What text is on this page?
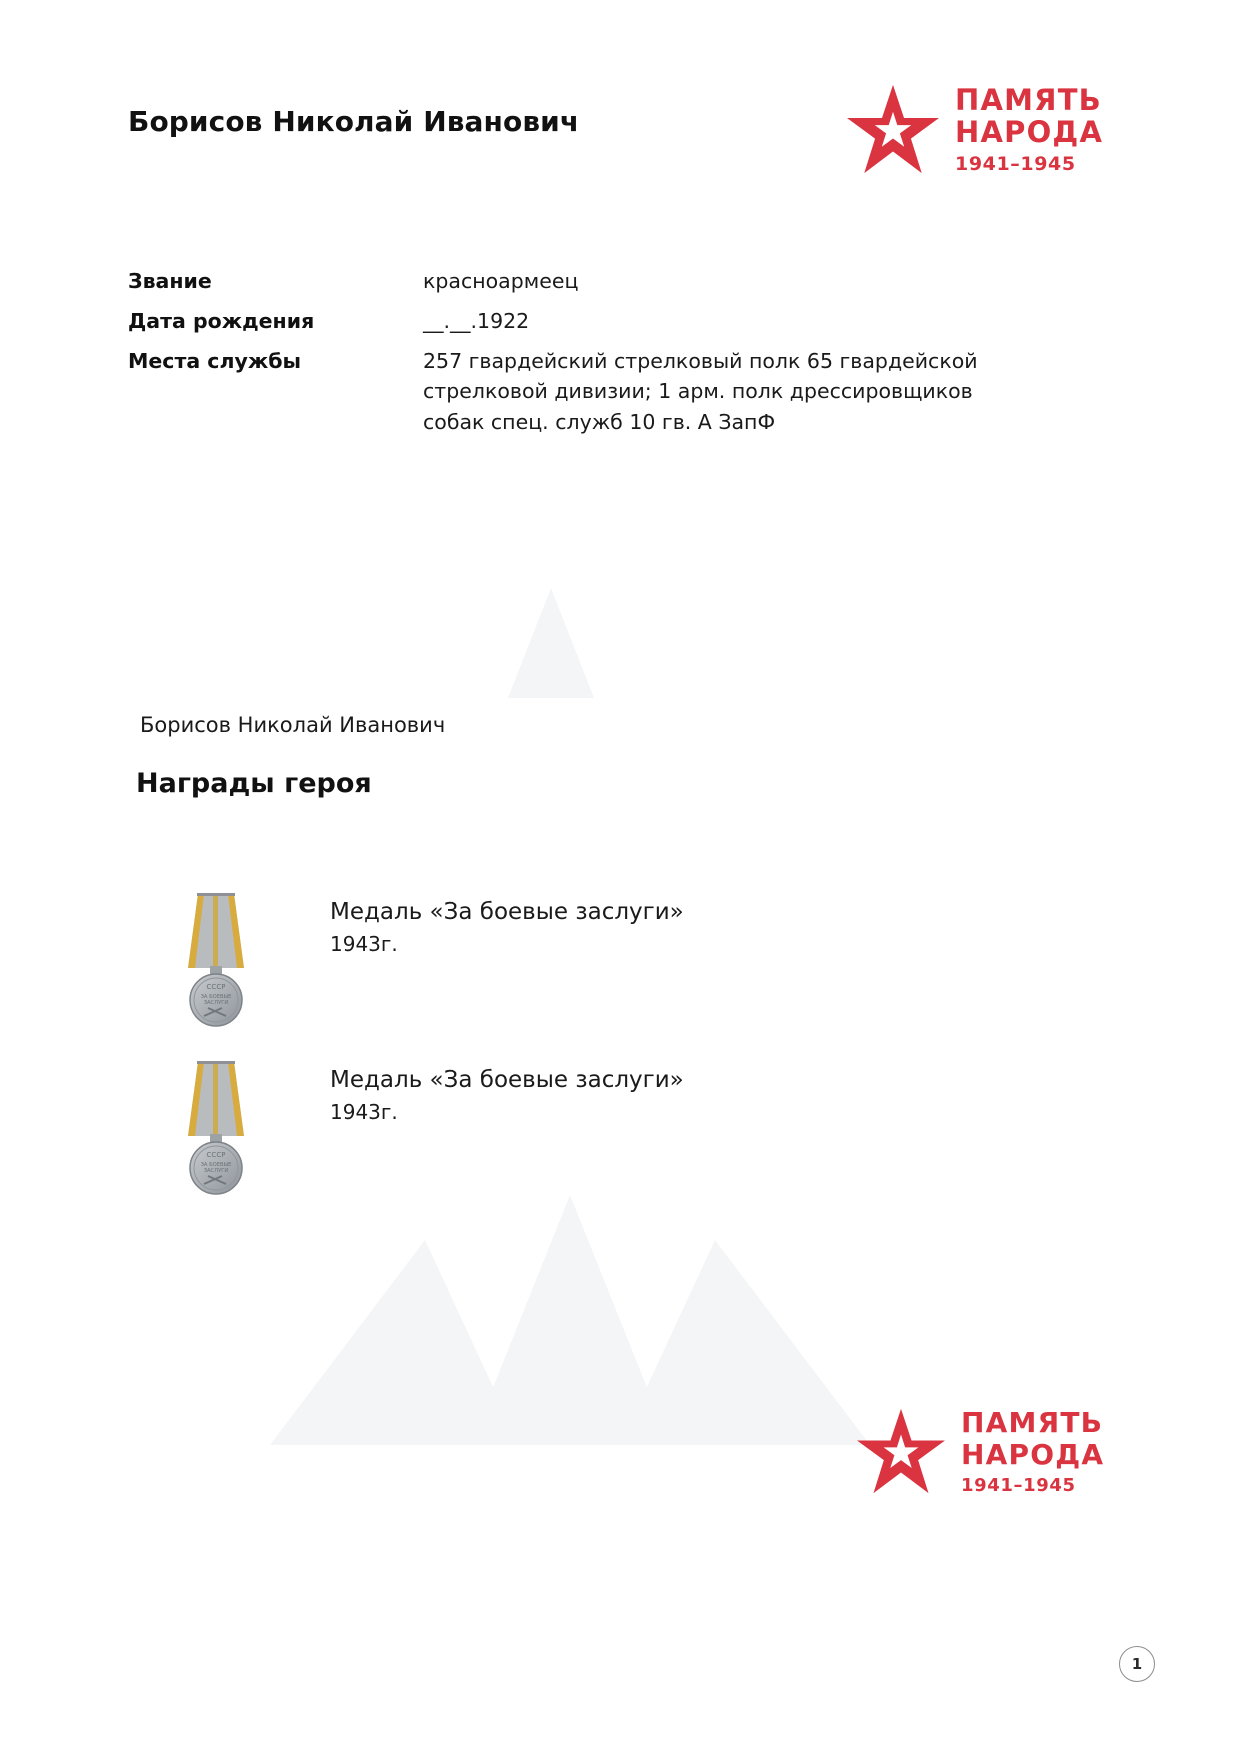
Борисов Николай Иванович
ПАМЯТЬ
НАРОДА
1941–1945
Звание	красноармеец
Дата рождения	__.__.1922
Места службы	257 гвардейский стрелковый полк 65 гвардейской
стрелковой дивизии; 1 арм. полк дрессировщиков
собак спец. служб 10 гв. А ЗапФ
Борисов Николай Иванович
Награды героя
ПАМЯТЬ
НАРОДА
1941–1945
СССР
ЗА БОЕВЫЕ
ЗАСЛУГИ
Медаль «За боевые заслуги»
1943г.
СССР
ЗА БОЕВЫЕ
ЗАСЛУГИ
Медаль «За боевые заслуги»
1943г.
1
